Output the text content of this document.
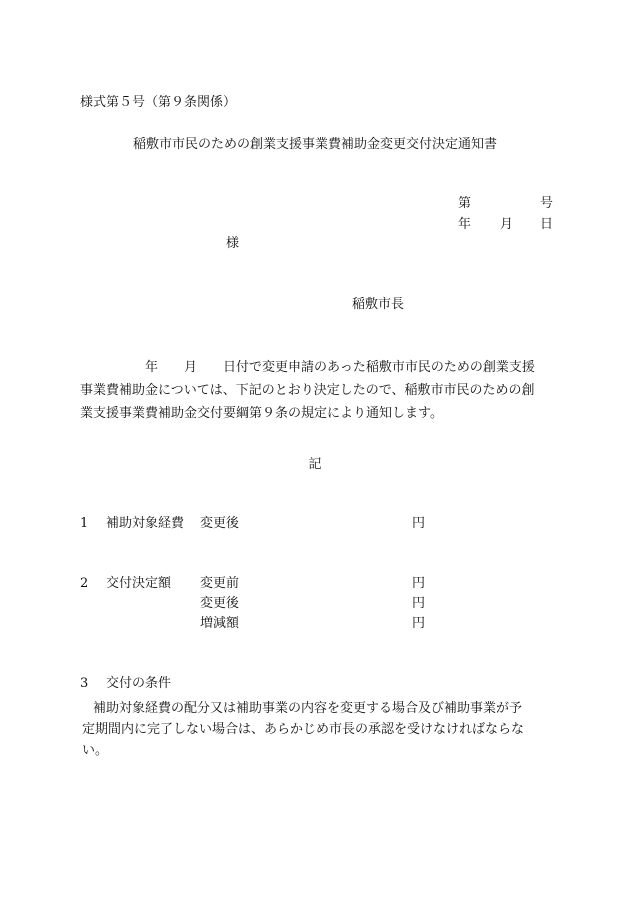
様式第５号（第９条関係）
稲敷市市民のための創業支援事業費補助金変更交付決定通知書
第	号
年 月 日
様
稲敷市長
　　　　　年　　月　　日付で変更申請のあった稲敷市市民のための創業支援
事業費補助金については、下記のとおり決定したので、稲敷市市民のための創
業支援事業費補助金交付要綱第９条の規定により通知します。
記
1 補助対象経費 変更後	円
2 交付決定額 変更前	円
変更後	円
増減額	円
3 交付の条件
補助対象経費の配分又は補助事業の内容を変更する場合及び補助事業が予
定期間内に完了しない場合は、あらかじめ市長の承認を受けなければならな
い。
